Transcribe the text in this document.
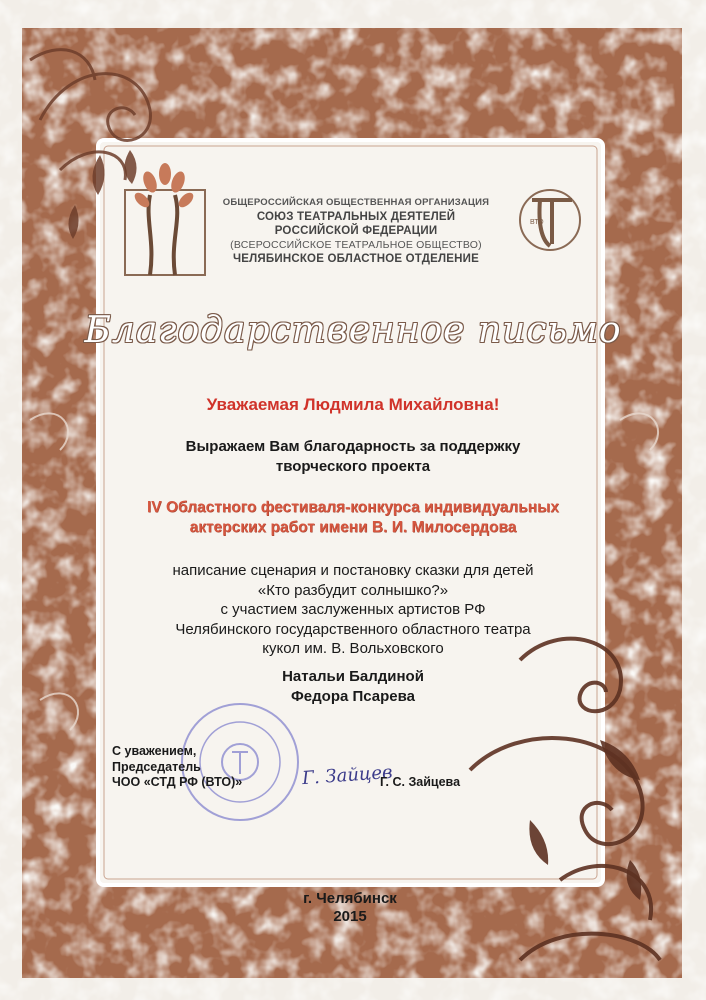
ОБЩЕРОССИЙСКАЯ ОБЩЕСТВЕННАЯ ОРГАНИЗАЦИЯ
СОЮЗ ТЕАТРАЛЬНЫХ ДЕЯТЕЛЕЙ
РОССИЙСКОЙ ФЕДЕРАЦИИ
(ВСЕРОССИЙСКОЕ ТЕАТРАЛЬНОЕ ОБЩЕСТВО)
ЧЕЛЯБИНСКОЕ ОБЛАСТНОЕ ОТДЕЛЕНИЕ
ВТО
Благодарственное письмо
Уважаемая Людмила Михайловна!
Выражаем Вам благодарность за поддержку
творческого проекта
IV Областного фестиваля-конкурса индивидуальных
актерских работ имени В. И. Милосердова
написание сценария и постановку сказки для детей
«Кто разбудит солнышко?»
с участием заслуженных артистов РФ
Челябинского государственного областного театра
кукол им. В. Вольховского
Натальи Балдиной
Федора Псарева
С уважением,
Председатель
ЧОО «СТД РФ (ВТО)»	Г. Зайцев
Г. С. Зайцева
г. Челябинск
2015
